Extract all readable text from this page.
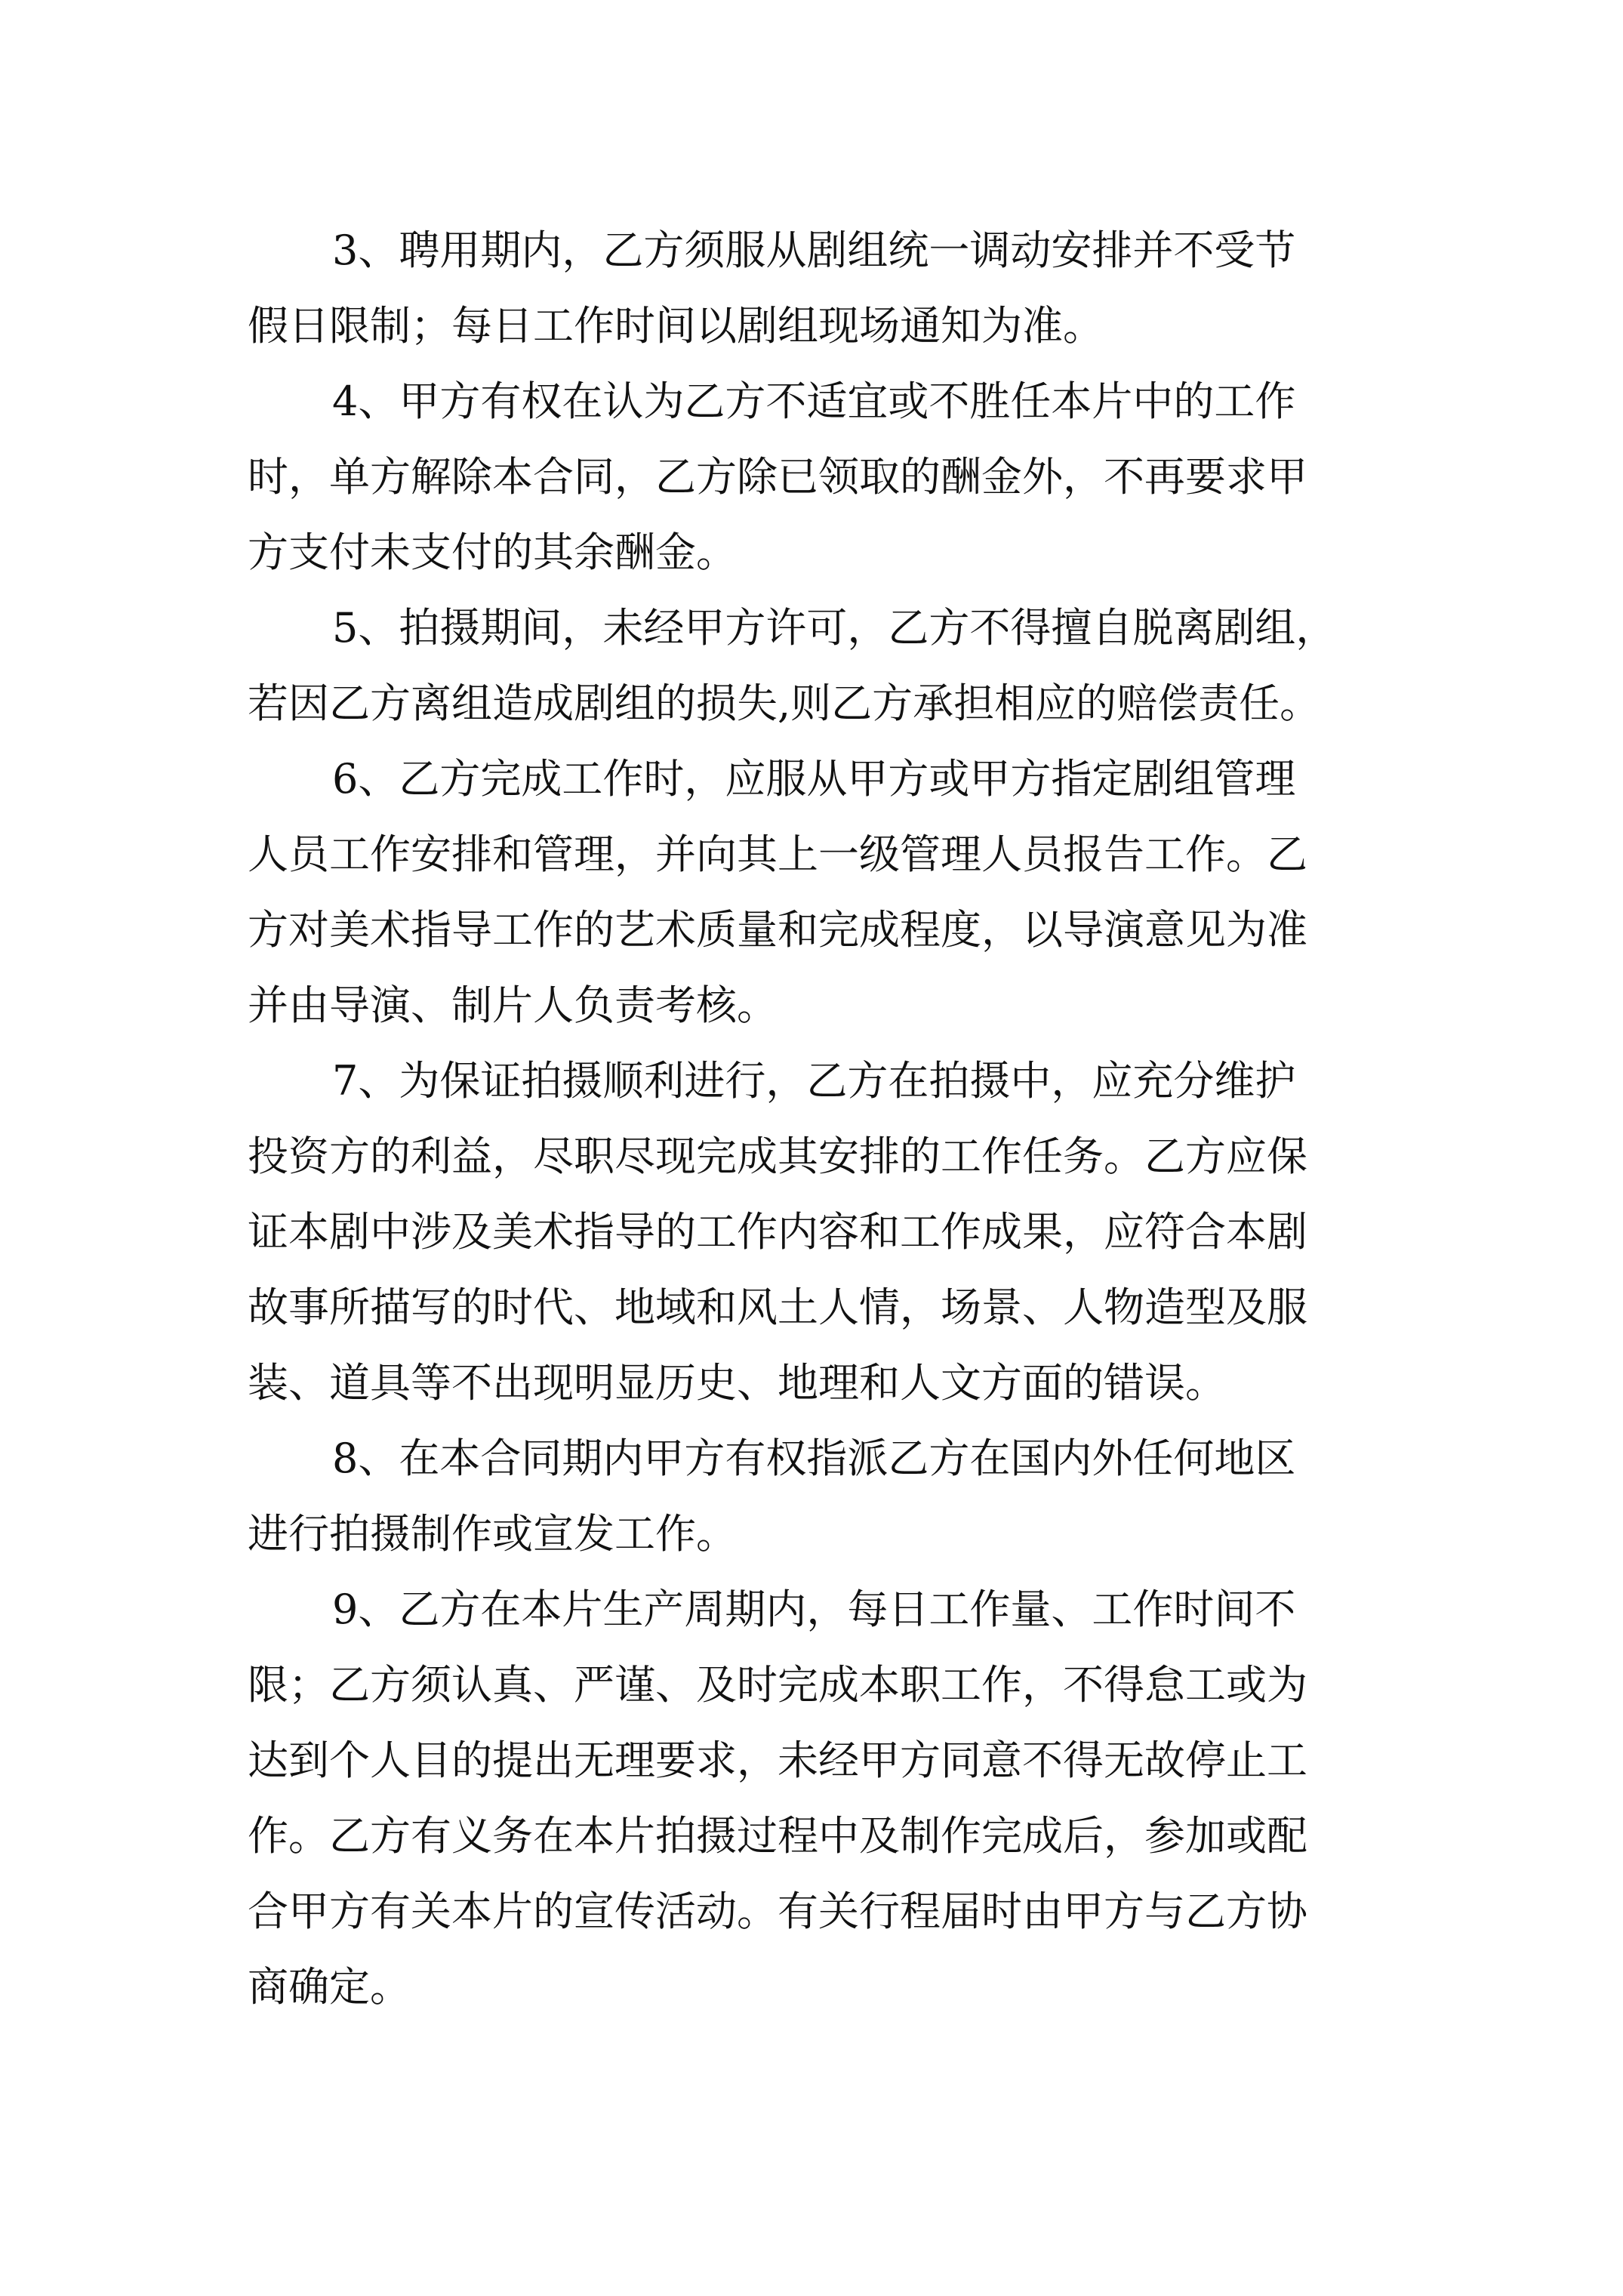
3、聘用期内，乙方须服从剧组统一调动安排并不受节
假日限制；每日工作时间以剧组现场通知为准。
4、甲方有权在认为乙方不适宜或不胜任本片中的工作
时，单方解除本合同，乙方除已领取的酬金外，不再要求甲
方支付未支付的其余酬金。
5、拍摄期间，未经甲方许可，乙方不得擅自脱离剧组，
若因乙方离组造成剧组的损失,则乙方承担相应的赔偿责任。
6、乙方完成工作时，应服从甲方或甲方指定剧组管理
人员工作安排和管理，并向其上一级管理人员报告工作。乙
方对美术指导工作的艺术质量和完成程度，以导演意见为准
并由导演、制片人负责考核。
7、为保证拍摄顺利进行，乙方在拍摄中，应充分维护
投资方的利益，尽职尽现完成其安排的工作任务。乙方应保
证本剧中涉及美术指导的工作内容和工作成果，应符合本剧
故事所描写的时代、地域和风土人情，场景、人物造型及服
装、道具等不出现明显历史、地理和人文方面的错误。
8、在本合同期内甲方有权指派乙方在国内外任何地区
进行拍摄制作或宣发工作。
9、乙方在本片生产周期内，每日工作量、工作时间不
限；乙方须认真、严谨、及时完成本职工作，不得怠工或为
达到个人目的提出无理要求，未经甲方同意不得无故停止工
作。乙方有义务在本片拍摄过程中及制作完成后，参加或配
合甲方有关本片的宣传活动。有关行程届时由甲方与乙方协
商确定。
